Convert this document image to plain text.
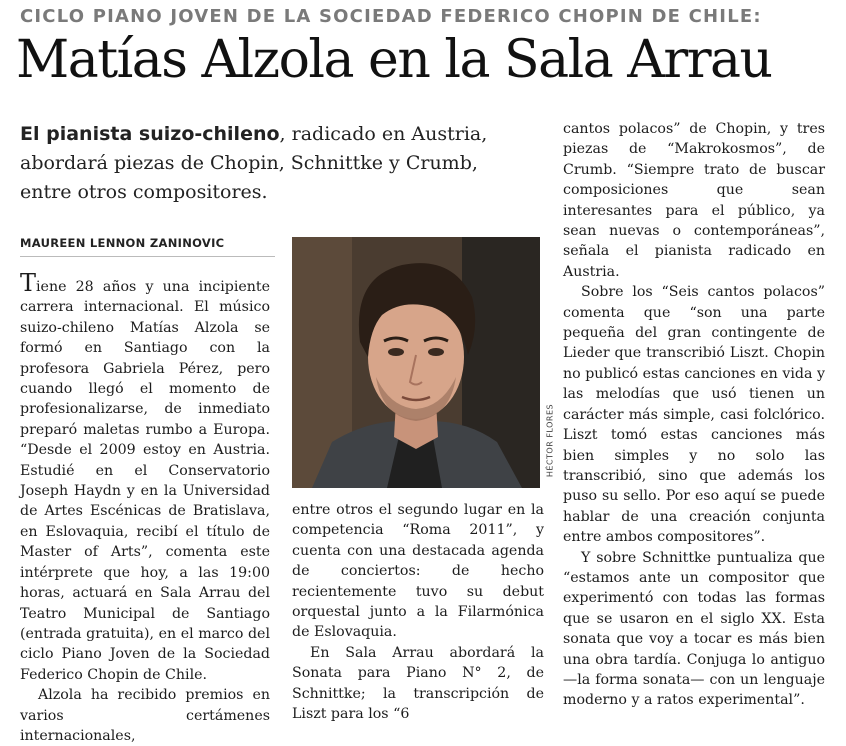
CICLO PIANO JOVEN DE LA SOCIEDAD FEDERICO CHOPIN DE CHILE:
Matías Alzola en la Sala Arrau
El pianista suizo-chileno, radicado en Austria, abordará piezas de Chopin, Schnittke y Crumb, entre otros compositores.
MAUREEN LENNON ZANINOVIC

Tiene 28 años y una incipiente carrera internacional. El músico suizo-chileno Matías Alzola se formó en Santiago con la profesora Gabriela Pérez, pero cuando llegó el momento de profesionalizarse, de inmediato preparó maletas rumbo a Europa. “Desde el 2009 estoy en Austria. Estudié en el Conservatorio Joseph Haydn y en la Universidad de Artes Escénicas de Bratislava, en Eslovaquia, recibí el título de Master of Arts”, comenta este intérprete que hoy, a las 19:00 horas, actuará en Sala Arrau del Teatro Municipal de Santiago (entrada gratuita), en el marco del ciclo Piano Joven de la Sociedad Federico Chopin de Chile.

Alzola ha recibido premios en varios certámenes internacionales,

HÉCTOR FLORES

entre otros el segundo lugar en la competencia “Roma 2011”, y cuenta con una destacada agenda de conciertos: de hecho recientemente tuvo su debut orquestal junto a la Filarmónica de Eslovaquia.

En Sala Arrau abordará la Sonata para Piano N° 2, de Schnittke; la transcripción de Liszt para los “6

cantos polacos” de Chopin, y tres piezas de “Makrokosmos”, de Crumb. “Siempre trato de buscar composiciones que sean interesantes para el público, ya sean nuevas o contemporáneas”, señala el pianista radicado en Austria.

Sobre los “Seis cantos polacos” comenta que “son una parte pequeña del gran contingente de Lieder que transcribió Liszt. Chopin no publicó estas canciones en vida y las melodías que usó tienen un carácter más simple, casi folclórico. Liszt tomó estas canciones más bien simples y no solo las transcribió, sino que además los puso su sello. Por eso aquí se puede hablar de una creación conjunta entre ambos compositores”.

Y sobre Schnittke puntualiza que “estamos ante un compositor que experimentó con todas las formas que se usaron en el siglo XX. Esta sonata que voy a tocar es más bien una obra tardía. Conjuga lo antiguo —la forma sonata— con un lenguaje moderno y a ratos experimental”.
